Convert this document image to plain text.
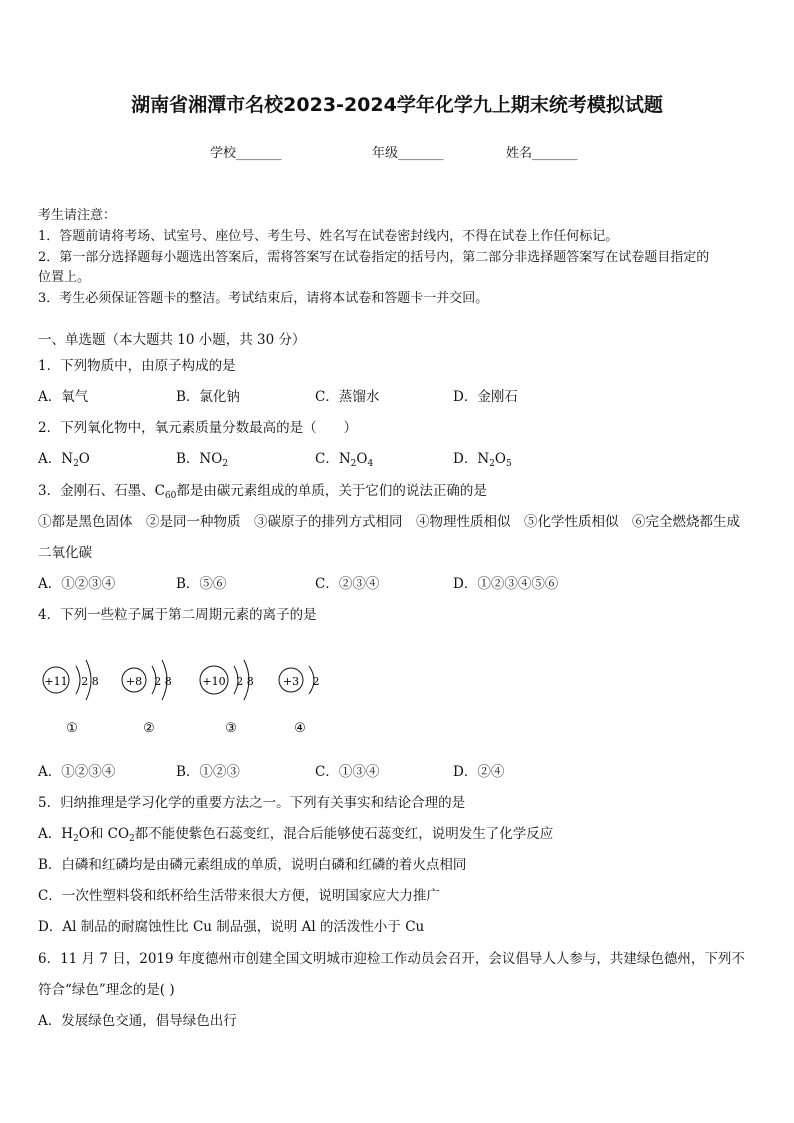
湖南省湘潭市名校2023-2024学年化学九上期末统考模拟试题
学校_______	年级_______	姓名_______
考生请注意：
1．答题前请将考场、试室号、座位号、考生号、姓名写在试卷密封线内，不得在试卷上作任何标记。
2．第一部分选择题每小题选出答案后，需将答案写在试卷指定的括号内，第二部分非选择题答案写在试卷题目指定的
位置上。
3．考生必须保证答题卡的整洁。考试结束后，请将本试卷和答题卡一并交回。
一、单选题（本大题共 10 小题，共 30 分）
1．下列物质中，由原子构成的是
A．氧气	B．氯化钠	C．蒸馏水	D．金刚石
2．下列氧化物中，氧元素质量分数最高的是（　　）
A．$N_2O$	B．$NO_2$	C．$N_2O_4$	D．$N_2O_5$
3．金刚石、石墨、$C_{60}$都是由碳元素组成的单质，关于它们的说法正确的是
①都是黑色固体　②是同一种物质　③碳原子的排列方式相同　④物理性质相似　⑤化学性质相似　⑥完全燃烧都生成
二氧化碳
A．①②③④	B．⑤⑥	C．②③④	D．①②③④⑤⑥
4．下列一些粒子属于第二周期元素的离子的是
+11 2 8
①
+8 2 8
②
+10 2 8
③
+3 2
④
A．①②③④	B．①②③	C．①③④	D．②④
5．归纳推理是学习化学的重要方法之一。下列有关事实和结论合理的是
A．$H_2O$和 $CO_2$都不能使紫色石蕊变红，混合后能够使石蕊变红，说明发生了化学反应
B．白磷和红磷均是由磷元素组成的单质，说明白磷和红磷的着火点相同
C．一次性塑料袋和纸杯给生活带来很大方便，说明国家应大力推广
D．Al 制品的耐腐蚀性比 Cu 制品强，说明 Al 的活泼性小于 Cu
6．11 月 7 日，2019 年度德州市创建全国文明城市迎检工作动员会召开，会议倡导人人参与，共建绿色德州，下列不
符合“绿色”理念的是( )
A．发展绿色交通，倡导绿色出行
